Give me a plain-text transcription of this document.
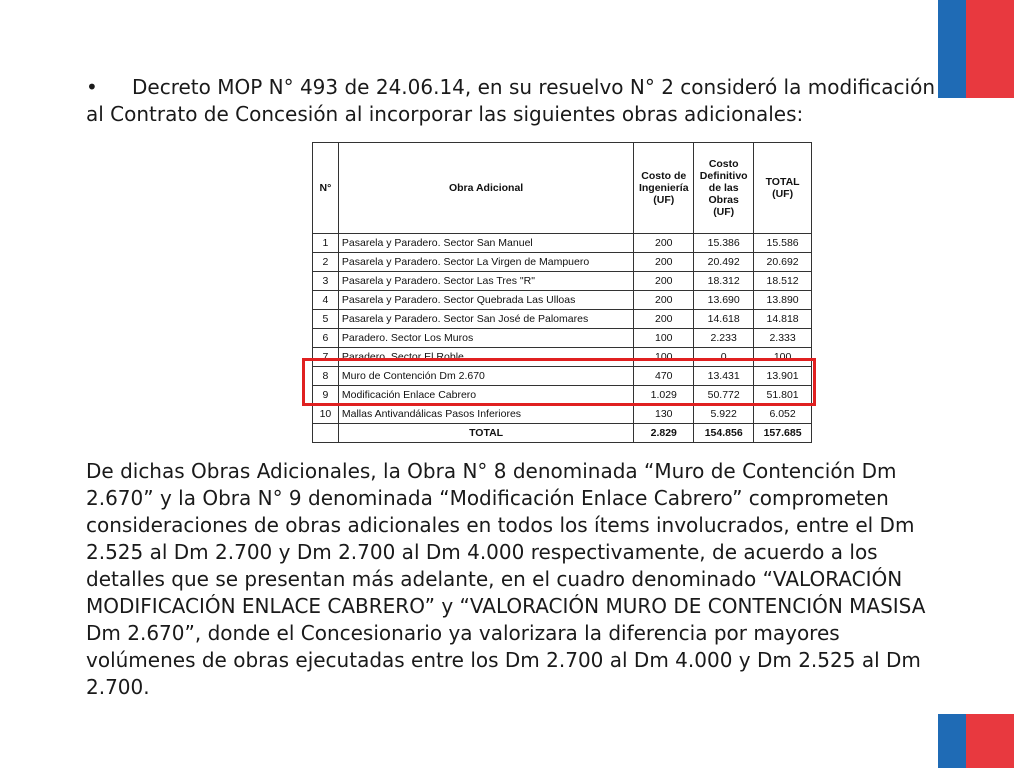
• Decreto MOP N° 493 de 24.06.14, en su resuelvo N° 2 consideró la modificación al Contrato de Concesión al incorporar las siguientes obras adicionales:

N°	Obra Adicional	Costo de Ingeniería (UF)	Costo Definitivo de las Obras (UF)	TOTAL (UF)
1	Pasarela y Paradero. Sector San Manuel	200	15.386	15.586
2	Pasarela y Paradero. Sector La Virgen de Mampuero	200	20.492	20.692
3	Pasarela y Paradero. Sector Las Tres "R"	200	18.312	18.512
4	Pasarela y Paradero. Sector Quebrada Las Ulloas	200	13.690	13.890
5	Pasarela y Paradero. Sector San José de Palomares	200	14.618	14.818
6	Paradero. Sector Los Muros	100	2.233	2.333
7	Paradero. Sector El Roble	100	0	100
8	Muro de Contención Dm 2.670	470	13.431	13.901
9	Modificación Enlace Cabrero	1.029	50.772	51.801
10	Mallas Antivandálicas Pasos Inferiores	130	5.922	6.052
	TOTAL	2.829	154.856	157.685

De dichas Obras Adicionales, la Obra N° 8 denominada “Muro de Contención Dm 2.670” y la Obra N° 9 denominada “Modificación Enlace Cabrero” comprometen consideraciones de obras adicionales en todos los ítems involucrados, entre el Dm 2.525 al Dm 2.700 y Dm 2.700 al Dm 4.000 respectivamente, de acuerdo a los detalles que se presentan más adelante, en el cuadro denominado “VALORACIÓN MODIFICACIÓN ENLACE CABRERO” y “VALORACIÓN MURO DE CONTENCIÓN MASISA Dm 2.670”, donde el Concesionario ya valorizara la diferencia por mayores volúmenes de obras ejecutadas entre los Dm 2.700 al Dm 4.000 y Dm 2.525 al Dm 2.700.
